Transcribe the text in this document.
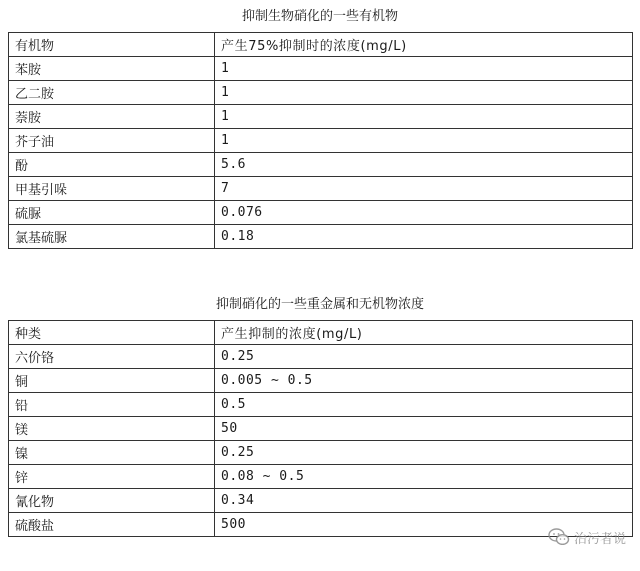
抑制生物硝化的一些有机物
有机物	产生75%抑制时的浓度(mg/L)
苯胺	1
乙二胺	1
萘胺	1
芥子油	1
酚	5.6
甲基引哚	7
硫脲	0.076
氯基硫脲	0.18
抑制硝化的一些重金属和无机物浓度
种类	产生抑制的浓度(mg/L)
六价铬	0.25
铜	0.005 ~ 0.5
铅	0.5
镁	50
镍	0.25
锌	0.08 ~ 0.5
氰化物	0.34
硫酸盐	500
治污者说
